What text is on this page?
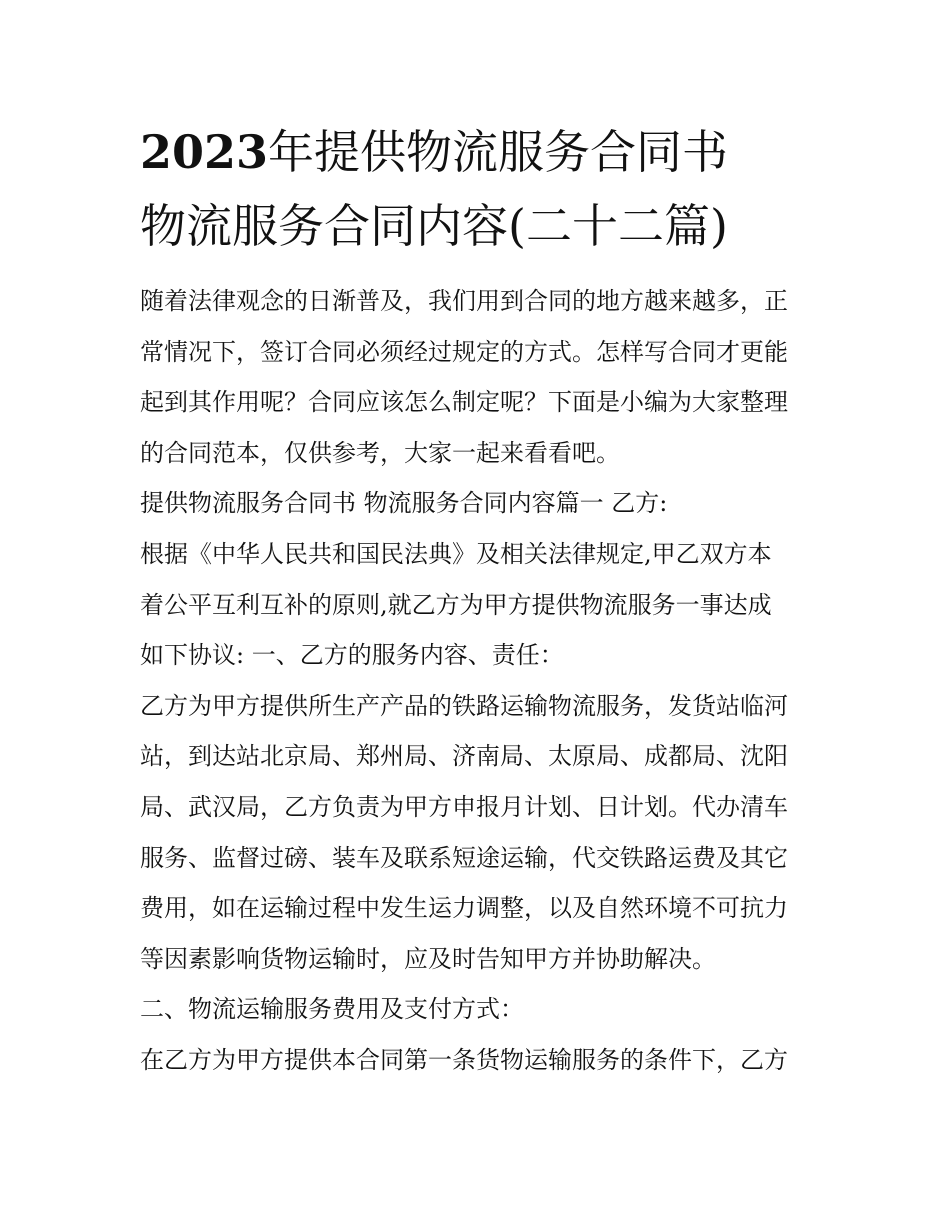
2023年提供物流服务合同书
物流服务合同内容(二十二篇)

随着法律观念的日渐普及，我们用到合同的地方越来越多，正
常情况下，签订合同必须经过规定的方式。怎样写合同才更能
起到其作用呢？合同应该怎么制定呢？下面是小编为大家整理
的合同范本，仅供参考，大家一起来看看吧。

提供物流服务合同书 物流服务合同内容篇一 乙方:

根据《中华人民共和国民法典》及相关法律规定,甲乙双方本
着公平互利互补的原则,就乙方为甲方提供物流服务一事达成
如下协议: 一、乙方的服务内容、责任：

乙方为甲方提供所生产产品的铁路运输物流服务，发货站临河
站，到达站北京局、郑州局、济南局、太原局、成都局、沈阳
局、武汉局，乙方负责为甲方申报月计划、日计划。代办清车
服务、监督过磅、装车及联系短途运输，代交铁路运费及其它
费用，如在运输过程中发生运力调整，以及自然环境不可抗力
等因素影响货物运输时，应及时告知甲方并协助解决。

二、物流运输服务费用及支付方式：

在乙方为甲方提供本合同第一条货物运输服务的条件下，乙方
